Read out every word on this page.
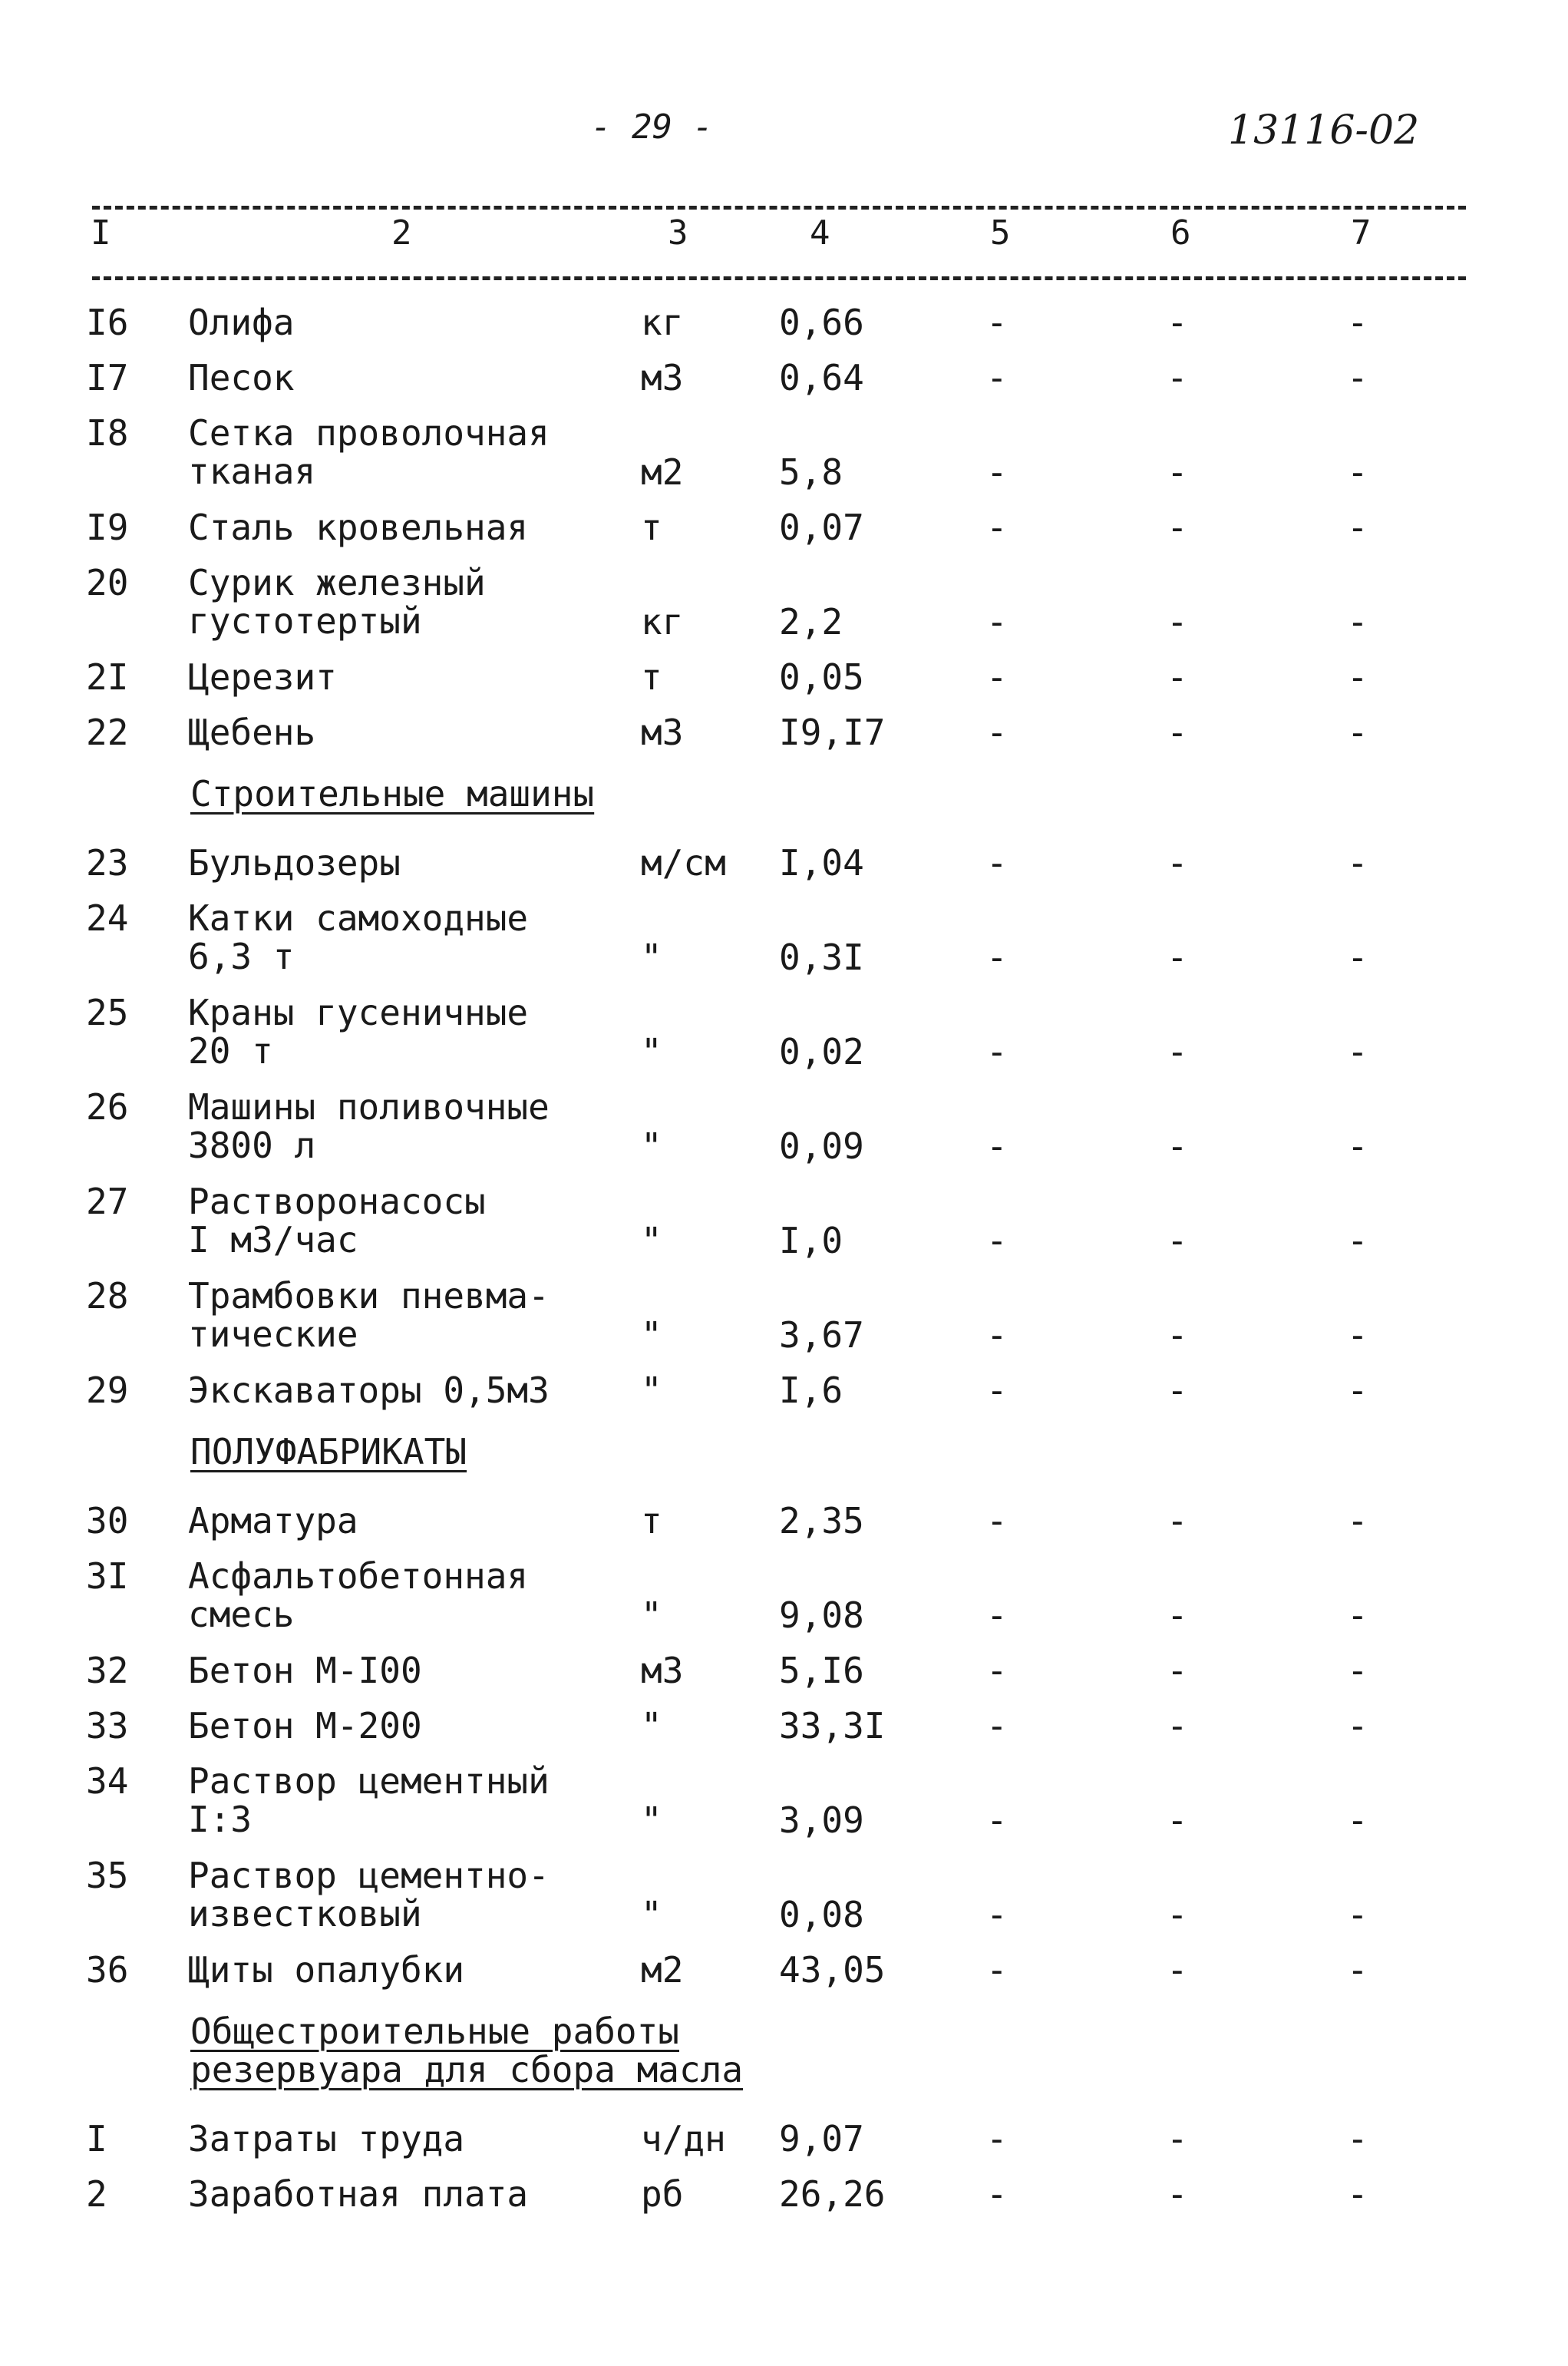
- 29 -	13116-02
I	2	3	4	5	6	7
I6 Олифа	кг	0,66	-	-	-
I7 Песок	м3	0,64	-	-	-
I8 Сетка проволочная
тканая	м2	5,8	-	-	-
I9 Сталь кровельная	т	0,07	-	-	-
20 Сурик железный
густотертый	кг	2,2	-	-	-
2I Церезит	т	0,05	-	-	-
22 Щебень	м3	I9,I7	-	-	-
Строительные машины
23 Бульдозеры	м/см	I,04	-	-	-
24 Катки самоходные
6,3 т	"	0,3I	-	-	-
25 Краны гусеничные
20 т	"	0,02	-	-	-
26 Машины поливочные
3800 л	"	0,09	-	-	-
27 Растворонасосы
I м3/час	"	I,0	-	-	-
28 Трамбовки пневма-
тические	"	3,67	-	-	-
29 Экскаваторы 0,5м3	"	I,6	-	-	-
ПОЛУФАБРИКАТЫ
30 Арматура	т	2,35	-	-	-
3I Асфальтобетонная
смесь	"	9,08	-	-	-
32 Бетон М-I00	м3	5,I6	-	-	-
33 Бетон М-200	"	33,3I	-	-	-
34 Раствор цементный
I:3	"	3,09	-	-	-
35 Раствор цементно-
известковый	"	0,08	-	-	-
36 Щиты опалубки	м2	43,05	-	-	-
Общестроительные работы
резервуара для сбора масла
I Затраты труда	ч/дн	9,07	-	-	-
2 Заработная плата	рб	26,26	-	-	-
